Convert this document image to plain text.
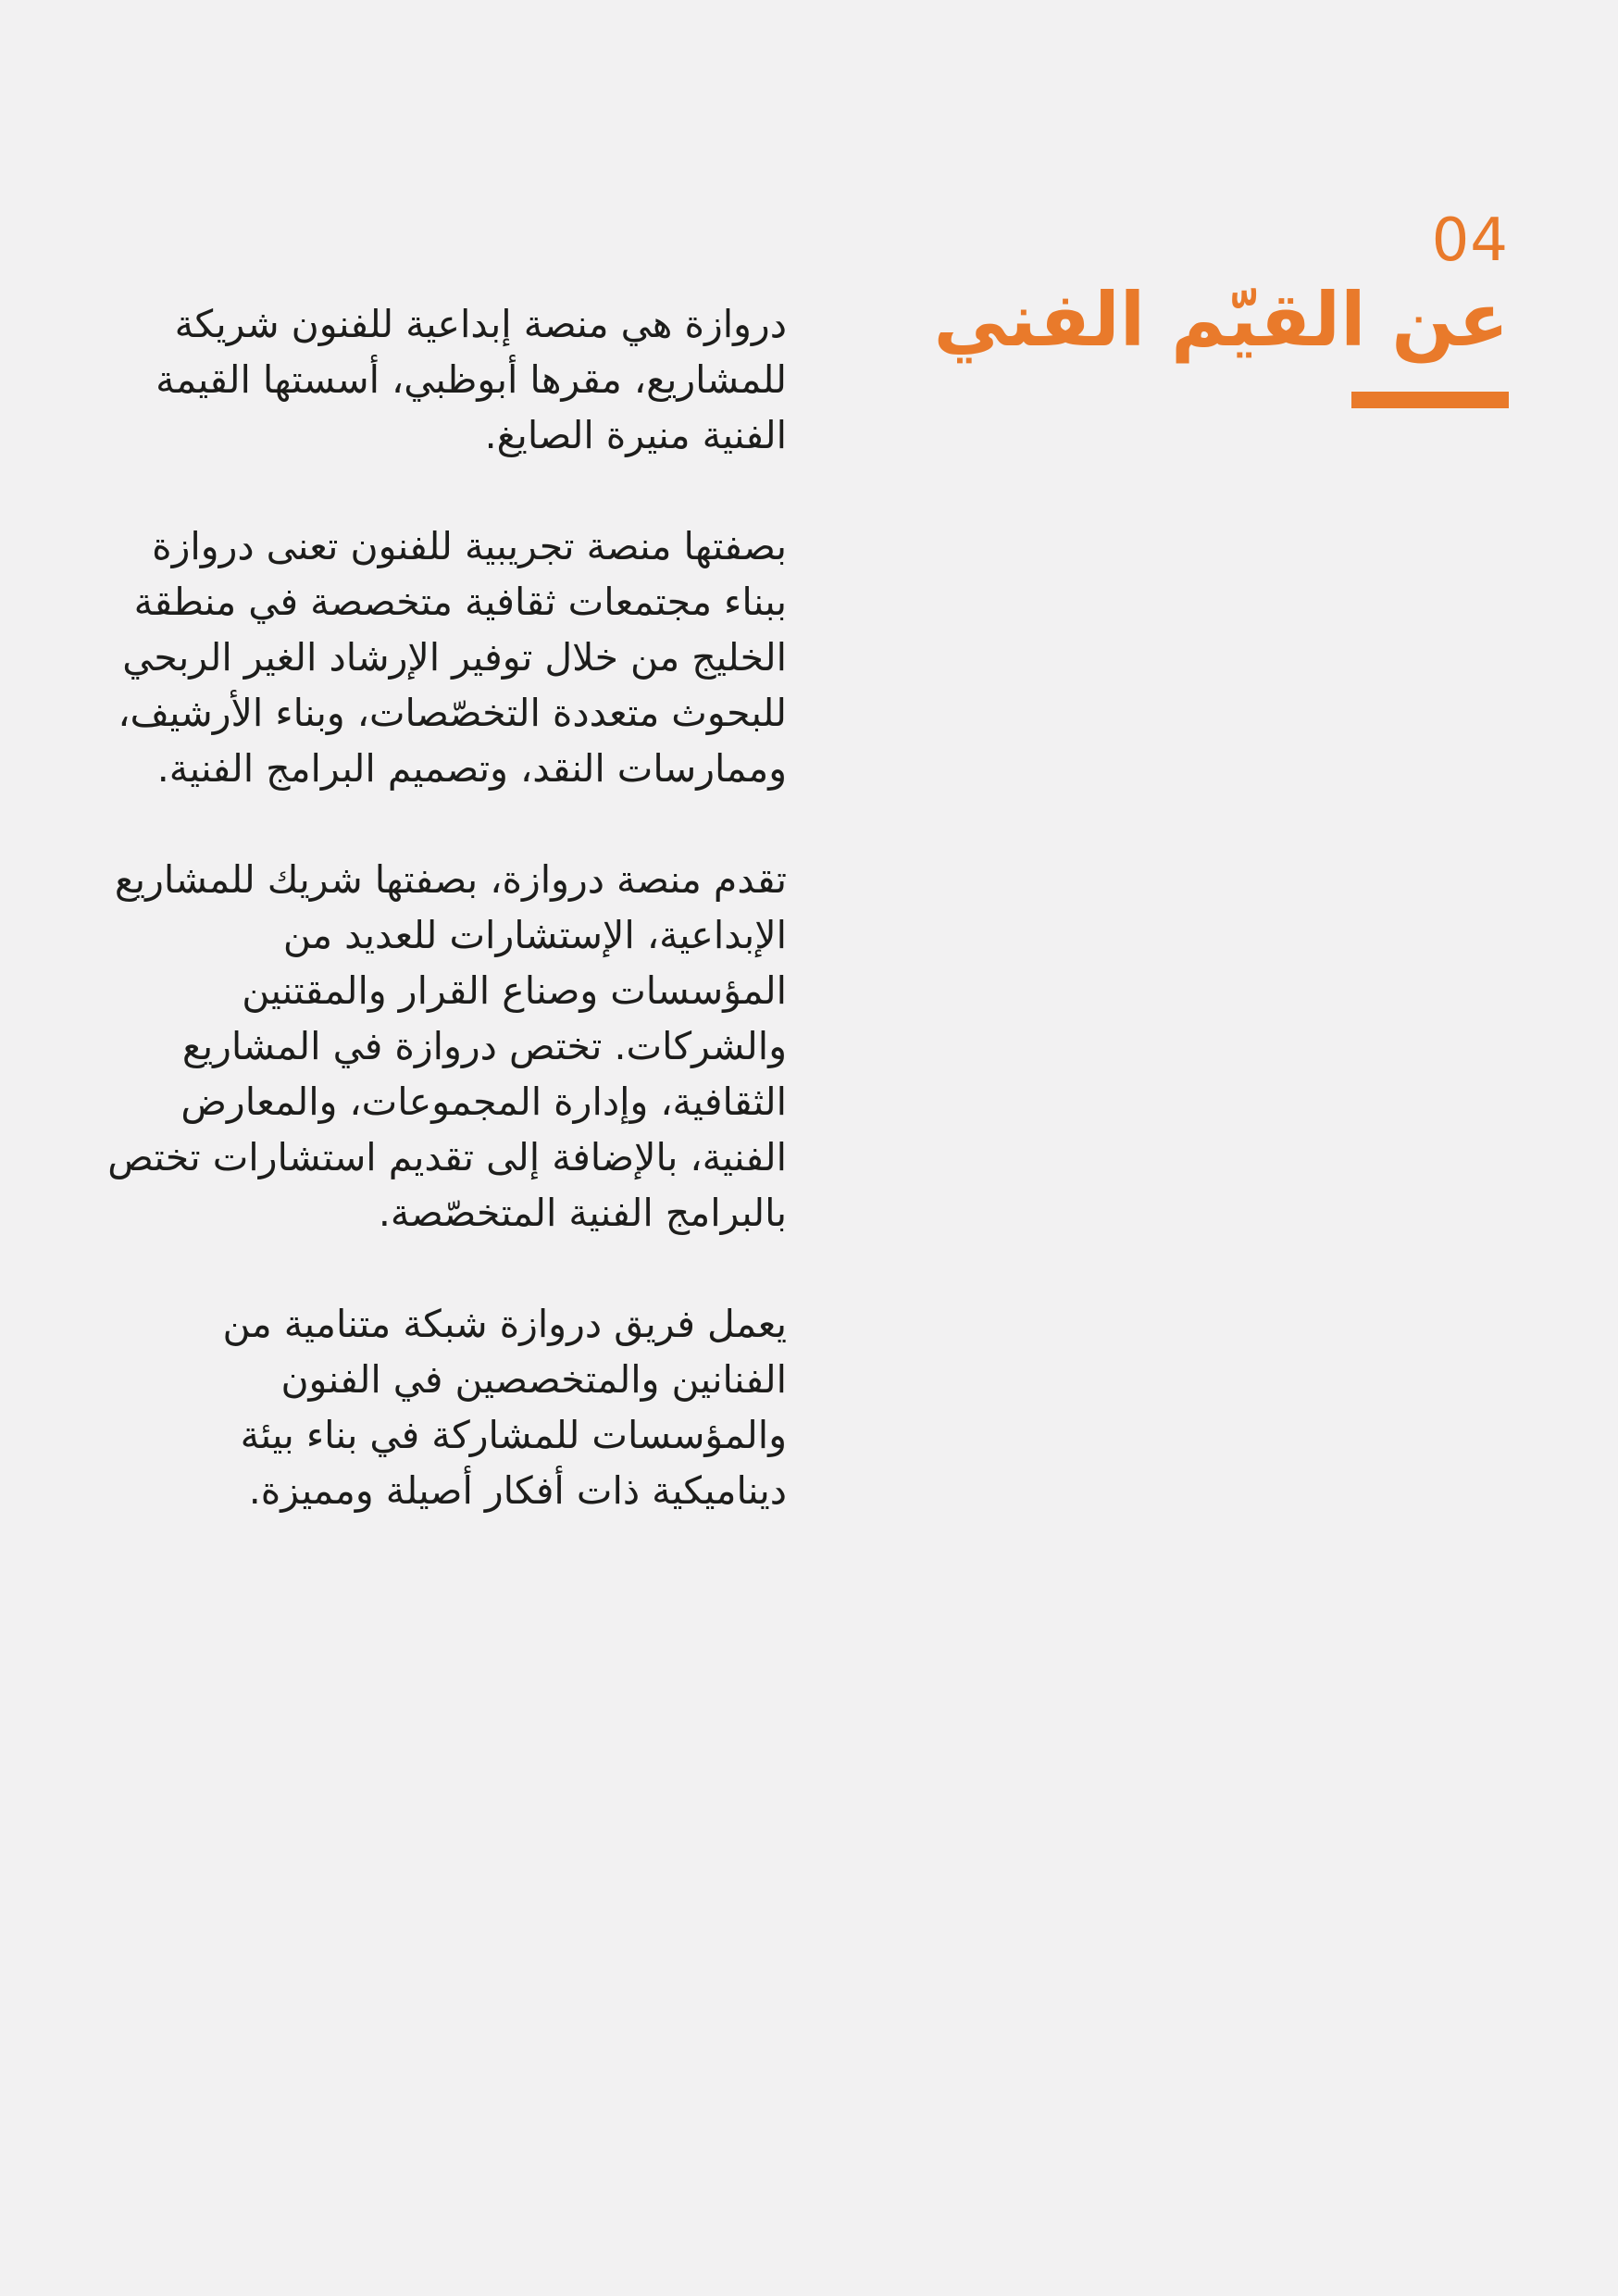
04
عن القيّم الفني

دروازة هي منصة إبداعية للفنون شريكة للمشاريع، مقرها أبوظبي، أسستها القيمة الفنية منيرة الصايغ.

بصفتها منصة تجريبية للفنون تعنى دروازة ببناء مجتمعات ثقافية متخصصة في منطقة الخليج من خلال توفير الإرشاد الغير الربحي للبحوث متعددة التخصّصات، وبناء الأرشيف، وممارسات النقد، وتصميم البرامج الفنية.

تقدم منصة دروازة، بصفتها شريك للمشاريع الإبداعية، الإستشارات للعديد من المؤسسات وصناع القرار والمقتنين والشركات. تختص دروازة في المشاريع الثقافية، وإدارة المجموعات، والمعارض الفنية، بالإضافة إلى تقديم استشارات تختص بالبرامج الفنية المتخصّصة.

يعمل فريق دروازة شبكة متنامية من الفنانين والمتخصصين في الفنون والمؤسسات للمشاركة في بناء بيئة ديناميكية ذات أفكار أصيلة ومميزة.
